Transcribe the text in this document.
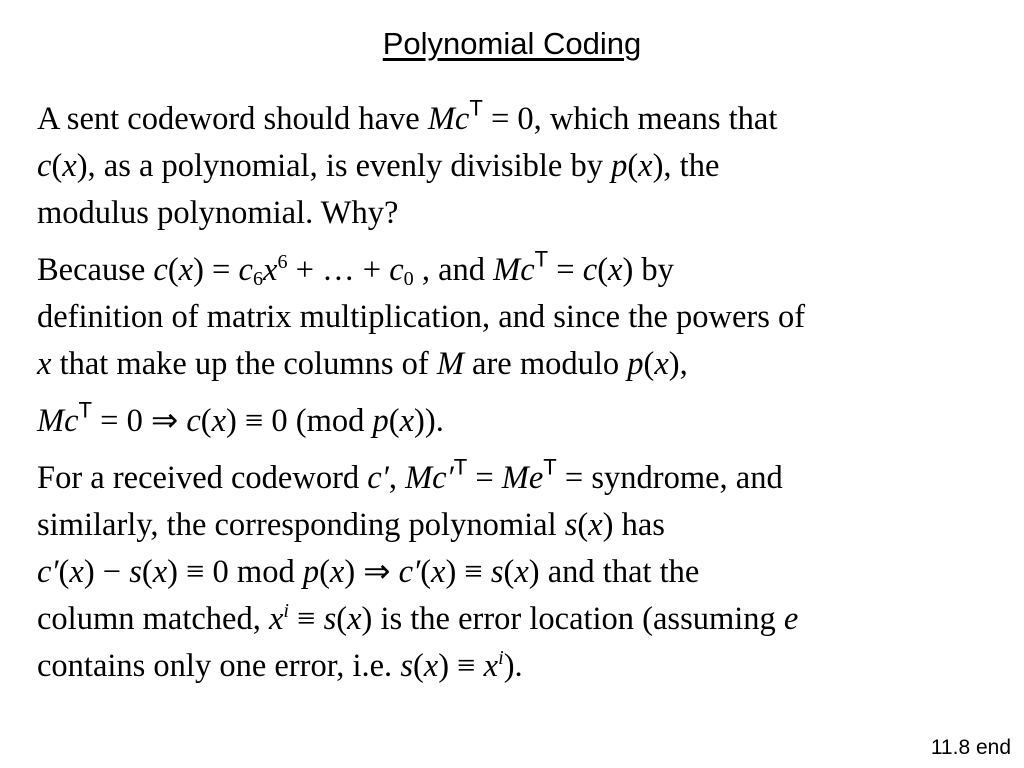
Polynomial Coding
A sent codeword should have $Mc^T = 0$, which means that
c(x), as a polynomial, is evenly divisible by p(x), the
modulus polynomial. Why?
Because $c(x) = c_6x^6$ + … + $c_0$ , and $Mc^T = c(x)$ by
definition of matrix multiplication, and since the powers of
x that make up the columns of M are modulo p(x),
$Mc^T = 0$ ⇒ c(x) ≡ 0 (mod p(x)).
For a received codeword c′, $Mc'^T = Me^T$ = syndrome, and
similarly, the corresponding polynomial s(x) has
c′(x) − s(x) ≡ 0 mod p(x) ⇒ c′(x) ≡ s(x) and that the
column matched, $x^i \equiv s(x)$ is the error location (assuming e
contains only one error, i.e. $s(x) \equiv x^i$).
11.8 end
